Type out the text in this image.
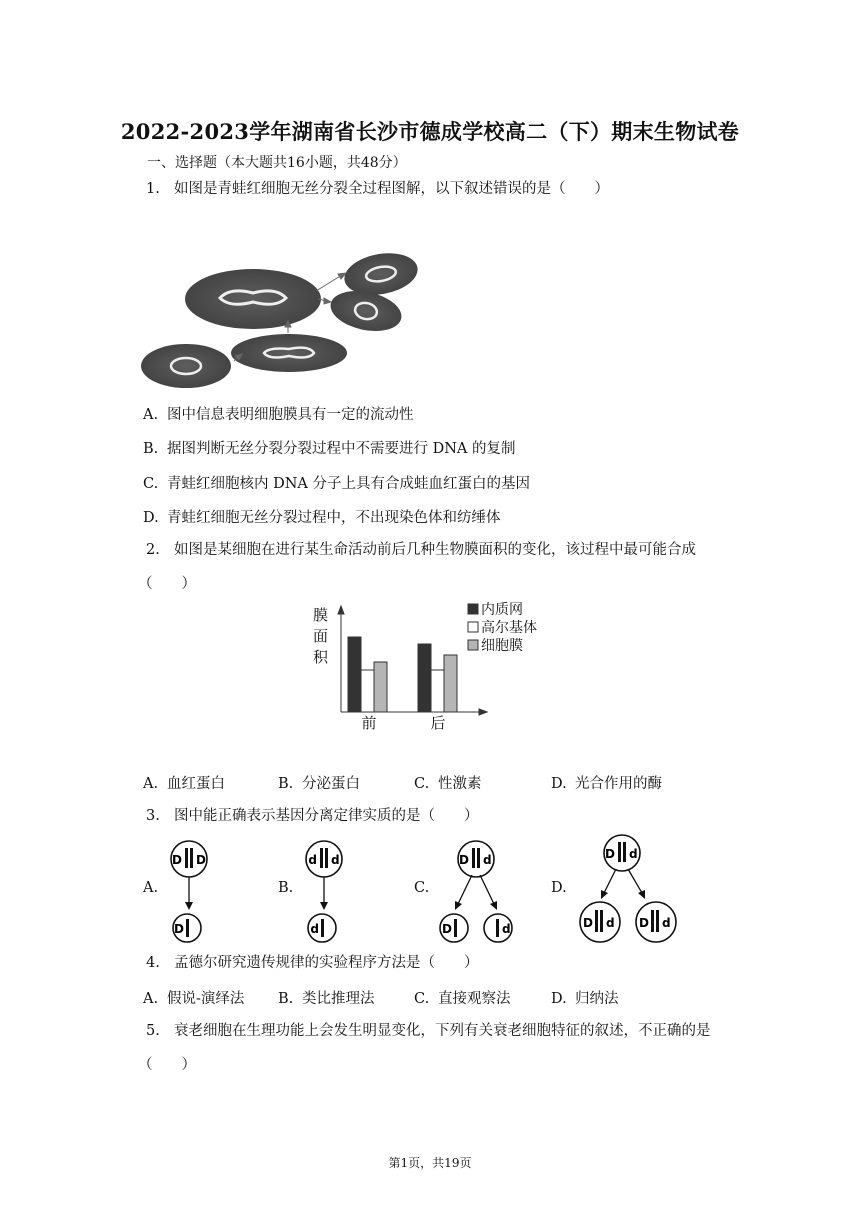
2022-2023学年湖南省长沙市德成学校高二（下）期末生物试卷
一、选择题（本大题共16小题，共48分）
1. 如图是青蛙红细胞无丝分裂全过程图解，以下叙述错误的是（　　）
A. 图中信息表明细胞膜具有一定的流动性
B. 据图判断无丝分裂分裂过程中不需要进行 DNA 的复制
C. 青蛙红细胞核内 DNA 分子上具有合成蛙血红蛋白的基因
D. 青蛙红细胞无丝分裂过程中，不出现染色体和纺缍体
2. 如图是某细胞在进行某生命活动前后几种生物膜面积的变化，该过程中最可能合成
（　　）
膜
面
积
前	后
内质网
高尔基体
细胞膜
A. 血红蛋白	B. 分泌蛋白	C. 性激素	D. 光合作用的酶
3. 图中能正确表示基因分离定律实质的是（　　）
A.
D D
D
B.
d d
d
C.
D d
D	d
D.
D d
D d D d
4. 孟德尔研究遗传规律的实验程序方法是（　　）
A. 假说-演绎法 B. 类比推理法	C. 直接观察法	D. 归纳法
5. 衰老细胞在生理功能上会发生明显变化，下列有关衰老细胞特征的叙述，不正确的是
（　　）
第1页，共19页
